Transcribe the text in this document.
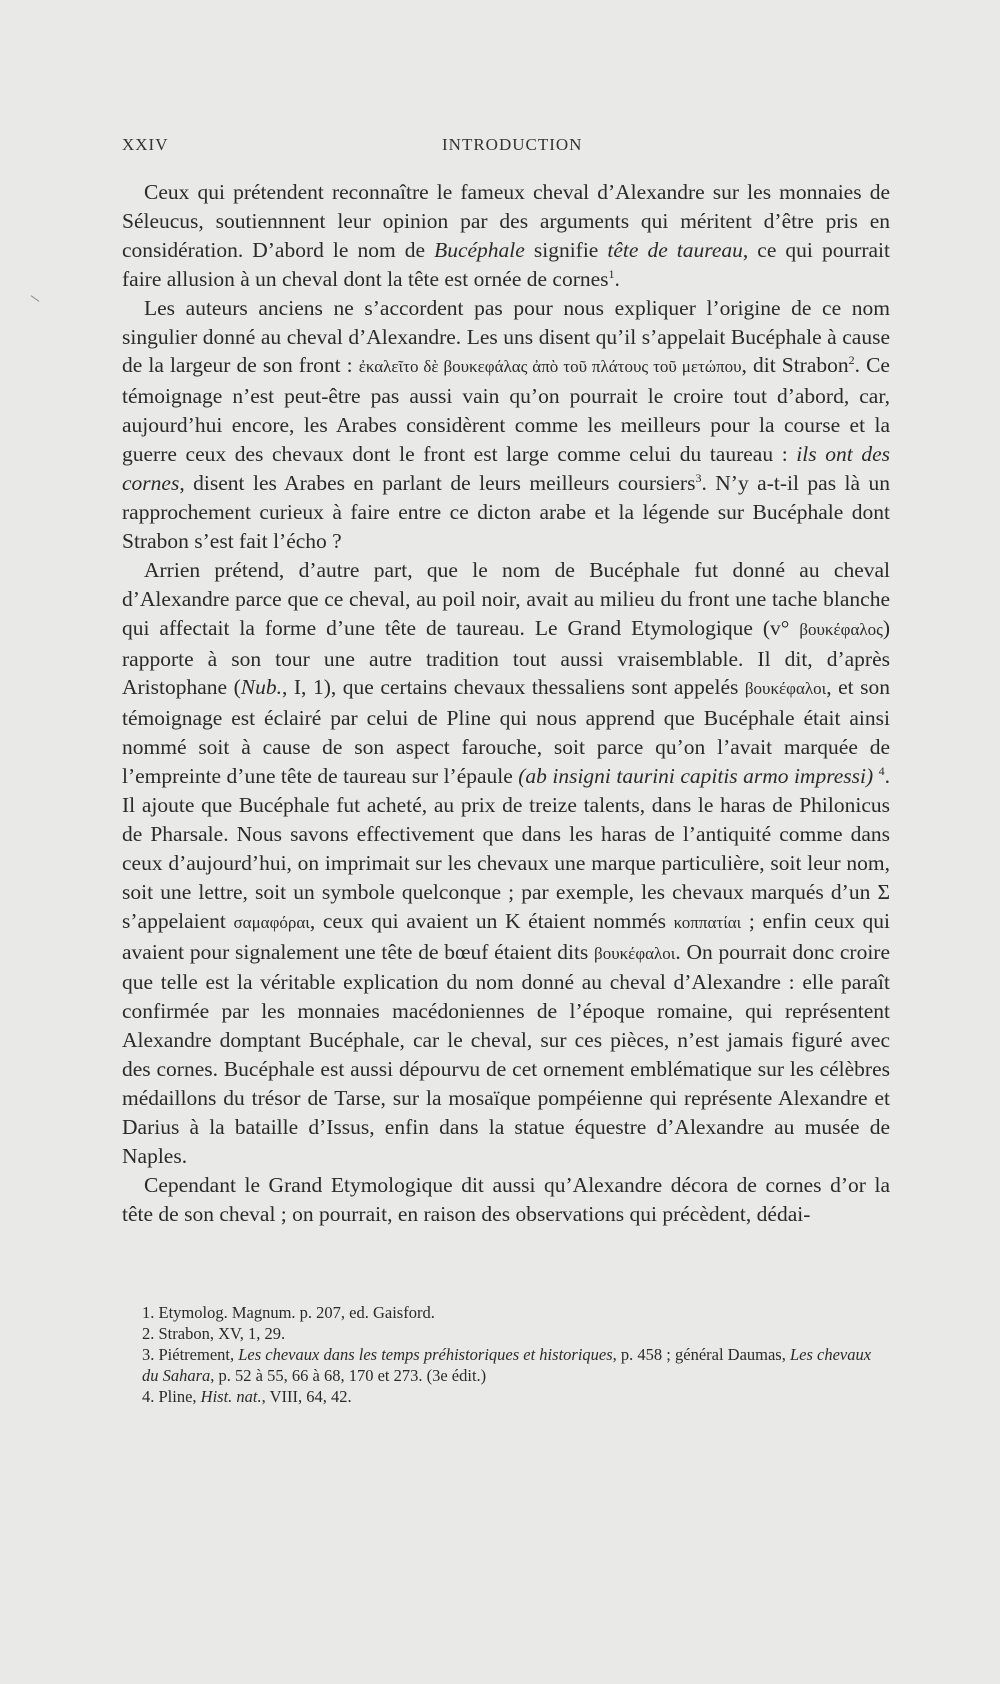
XXIV	INTRODUCTION

Ceux qui prétendent reconnaître le fameux cheval d’Alexandre sur les monnaies de Séleucus, soutiennnent leur opinion par des arguments qui méritent d’être pris en considération. D’abord le nom de Bucéphale signifie tête de taureau, ce qui pourrait faire allusion à un cheval dont la tête est ornée de cornes$^1$.

Les auteurs anciens ne s’accordent pas pour nous expliquer l’origine de ce nom singulier donné au cheval d’Alexandre. Les uns disent qu’il s’appelait Bucéphale à cause de la largeur de son front : ἐκαλεῖτο δὲ βουκεφάλας ἀπὸ τοῦ πλάτους τοῦ μετώπου, dit Strabon$^2$. Ce témoignage n’est peut-être pas aussi vain qu’on pourrait le croire tout d’abord, car, aujourd’hui encore, les Arabes considèrent comme les meilleurs pour la course et la guerre ceux des chevaux dont le front est large comme celui du taureau : ils ont des cornes, disent les Arabes en parlant de leurs meilleurs coursiers$^3$. N’y a-t-il pas là un rapprochement curieux à faire entre ce dicton arabe et la légende sur Bucéphale dont Strabon s’est fait l’écho ?

Arrien prétend, d’autre part, que le nom de Bucéphale fut donné au cheval d’Alexandre parce que ce cheval, au poil noir, avait au milieu du front une tache blanche qui affectait la forme d’une tête de taureau. Le Grand Etymologique (v° βουκέφαλος) rapporte à son tour une autre tradition tout aussi vraisemblable. Il dit, d’après Aristophane (Nub., I, 1), que certains chevaux thessaliens sont appelés βουκέφαλοι, et son témoignage est éclairé par celui de Pline qui nous apprend que Bucéphale était ainsi nommé soit à cause de son aspect farouche, soit parce qu’on l’avait marquée de l’empreinte d’une tête de taureau sur l’épaule (ab insigni taurini capitis armo impressi) $^4$. Il ajoute que Bucéphale fut acheté, au prix de treize talents, dans le haras de Philonicus de Pharsale. Nous savons effectivement que dans les haras de l’antiquité comme dans ceux d’aujourd’hui, on imprimait sur les chevaux une marque particulière, soit leur nom, soit une lettre, soit un symbole quelconque ; par exemple, les chevaux marqués d’un Σ s’appelaient σαμαφόραι, ceux qui avaient un K étaient nommés κοππατίαι ; enfin ceux qui avaient pour signalement une tête de bœuf étaient dits βουκέφαλοι. On pourrait donc croire que telle est la véritable explication du nom donné au cheval d’Alexandre : elle paraît confirmée par les monnaies macédoniennes de l’époque romaine, qui représentent Alexandre domptant Bucéphale, car le cheval, sur ces pièces, n’est jamais figuré avec des cornes. Bucéphale est aussi dépourvu de cet ornement emblématique sur les célèbres médaillons du trésor de Tarse, sur la mosaïque pompéienne qui représente Alexandre et Darius à la bataille d’Issus, enfin dans la statue équestre d’Alexandre au musée de Naples.

Cependant le Grand Etymologique dit aussi qu’Alexandre décora de cornes d’or la tête de son cheval ; on pourrait, en raison des observations qui précèdent, dédai-

1. Etymolog. Magnum. p. 207, ed. Gaisford.
2. Strabon, XV, 1, 29.
3. Piétrement, Les chevaux dans les temps préhistoriques et historiques, p. 458 ; général Daumas, Les chevaux du Sahara, p. 52 à 55, 66 à 68, 170 et 273. (3e édit.)
4. Pline, Hist. nat., VIII, 64, 42.
